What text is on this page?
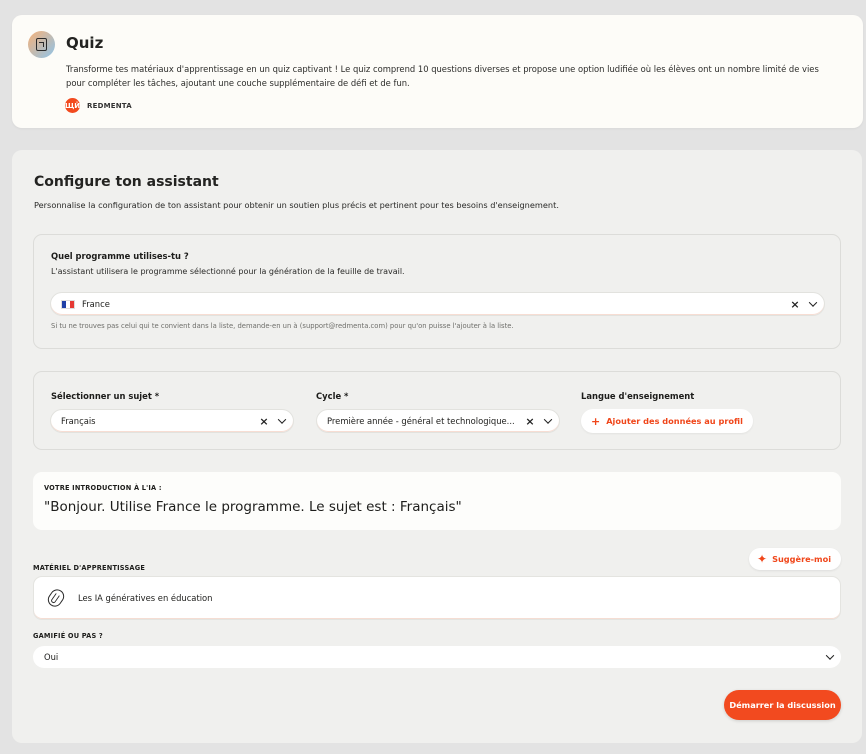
Quiz
Transforme tes matériaux d'apprentissage en un quiz captivant ! Le quiz comprend 10 questions diverses et propose une option ludifiée où les élèves ont un nombre limité de vies pour compléter les tâches, ajoutant une couche supplémentaire de défi et de fun.
ЩЙ REDMENTA
Configure ton assistant
Personnalise la configuration de ton assistant pour obtenir un soutien plus précis et pertinent pour tes besoins d'enseignement.
Quel programme utilises-tu ?
L'assistant utilisera le programme sélectionné pour la génération de la feuille de travail.
France	×
Si tu ne trouves pas celui qui te convient dans la liste, demande-en un à (support@redmenta.com) pour qu'on puisse l'ajouter à la liste.
Sélectionner un sujet *	Cycle *	Langue d'enseignement
Français	×	Première année - général et technologique... ×	+ Ajouter des données au profil
VOTRE INTRODUCTION À L'IA :
"Bonjour. Utilise France le programme. Le sujet est : Français"
✦ Suggère-moi
MATÉRIEL D'APPRENTISSAGE
Les IA génératives en éducation
GAMIFIÉ OU PAS ?
Oui
Démarrer la discussion
